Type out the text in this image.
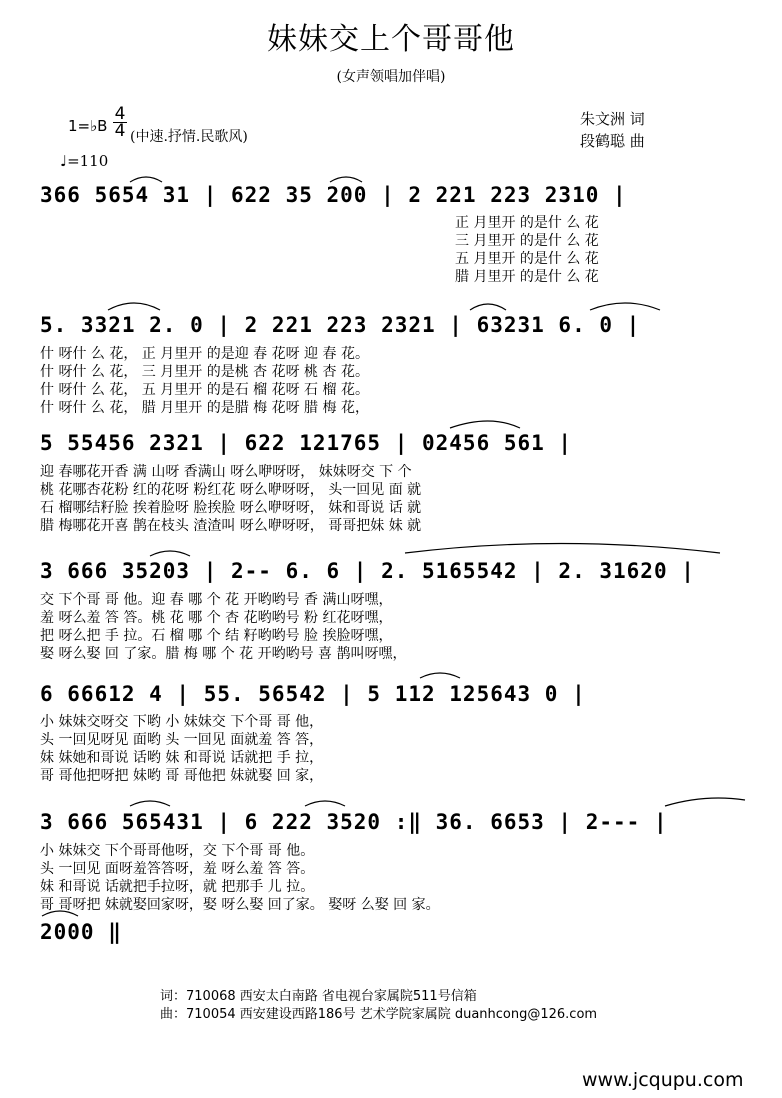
妹妹交上个哥哥他
(女声领唱加伴唱)
1=♭B
4
4 (中速.抒情.民歌风)
♩=110
朱文洲 词
段鹤聪 曲
366 5654 31 | 622 35 200 | 2 221 223 2310 |
正 月里开 的是什 么 花
三 月里开 的是什 么 花
五 月里开 的是什 么 花
腊 月里开 的是什 么 花
5. 3321 2. 0 | 2 221 223 2321 | 63231 6. 0 |
什 呀什 么 花， 正 月里开 的是迎 春 花呀 迎 春 花。
什 呀什 么 花， 三 月里开 的是桃 杏 花呀 桃 杏 花。
什 呀什 么 花， 五 月里开 的是石 榴 花呀 石 榴 花。
什 呀什 么 花， 腊 月里开 的是腊 梅 花呀 腊 梅 花，
5 55456 2321 | 622 121765 | 02456 561 |
迎 春哪花开香 满 山呀 香满山 呀么咿呀呀， 妹妹呀交 下 个
桃 花哪杏花粉 红的花呀 粉红花 呀么咿呀呀， 头一回见 面 就
石 榴哪结籽脸 挨着脸呀 脸挨脸 呀么咿呀呀， 妹和哥说 话 就
腊 梅哪花开喜 鹊在枝头 渣渣叫 呀么咿呀呀， 哥哥把妹 妹 就
3 666 35203 | 2-- 6. 6 | 2. 5165542 | 2. 31620 |
交 下个哥 哥 他。迎 春 哪 个 花 开哟哟号 香 满山呀嘿，
羞 呀么羞 答 答。桃 花 哪 个 杏 花哟哟号 粉 红花呀嘿，
把 呀么把 手 拉。石 榴 哪 个 结 籽哟哟号 脸 挨脸呀嘿，
娶 呀么娶 回 了家。腊 梅 哪 个 花 开哟哟号 喜 鹊叫呀嘿，
6 66612 4 | 55. 56542 | 5 112 125643 0 |
小 妹妹交呀交 下哟 小 妹妹交 下个哥 哥 他，
头 一回见呀见 面哟 头 一回见 面就羞 答 答，
妹 妹她和哥说 话哟 妹 和哥说 话就把 手 拉，
哥 哥他把呀把 妹哟 哥 哥他把 妹就娶 回 家，
3 666 565431 | 6 222 3520 :‖ 36. 6653 | 2--- |
小 妹妹交 下个哥哥他呀，交 下个哥 哥 他。
头 一回见 面呀羞答答呀，羞 呀么羞 答 答。
妹 和哥说 话就把手拉呀，就 把那手 儿 拉。
哥 哥呀把 妹就娶回家呀，娶 呀么娶 回了家。 娶呀 么娶 回 家。
2000 ‖
词：710068 西安太白南路 省电视台家属院511号信箱
曲：710054 西安建设西路186号 艺术学院家属院 duanhcong@126.com
www.jcqupu.com
